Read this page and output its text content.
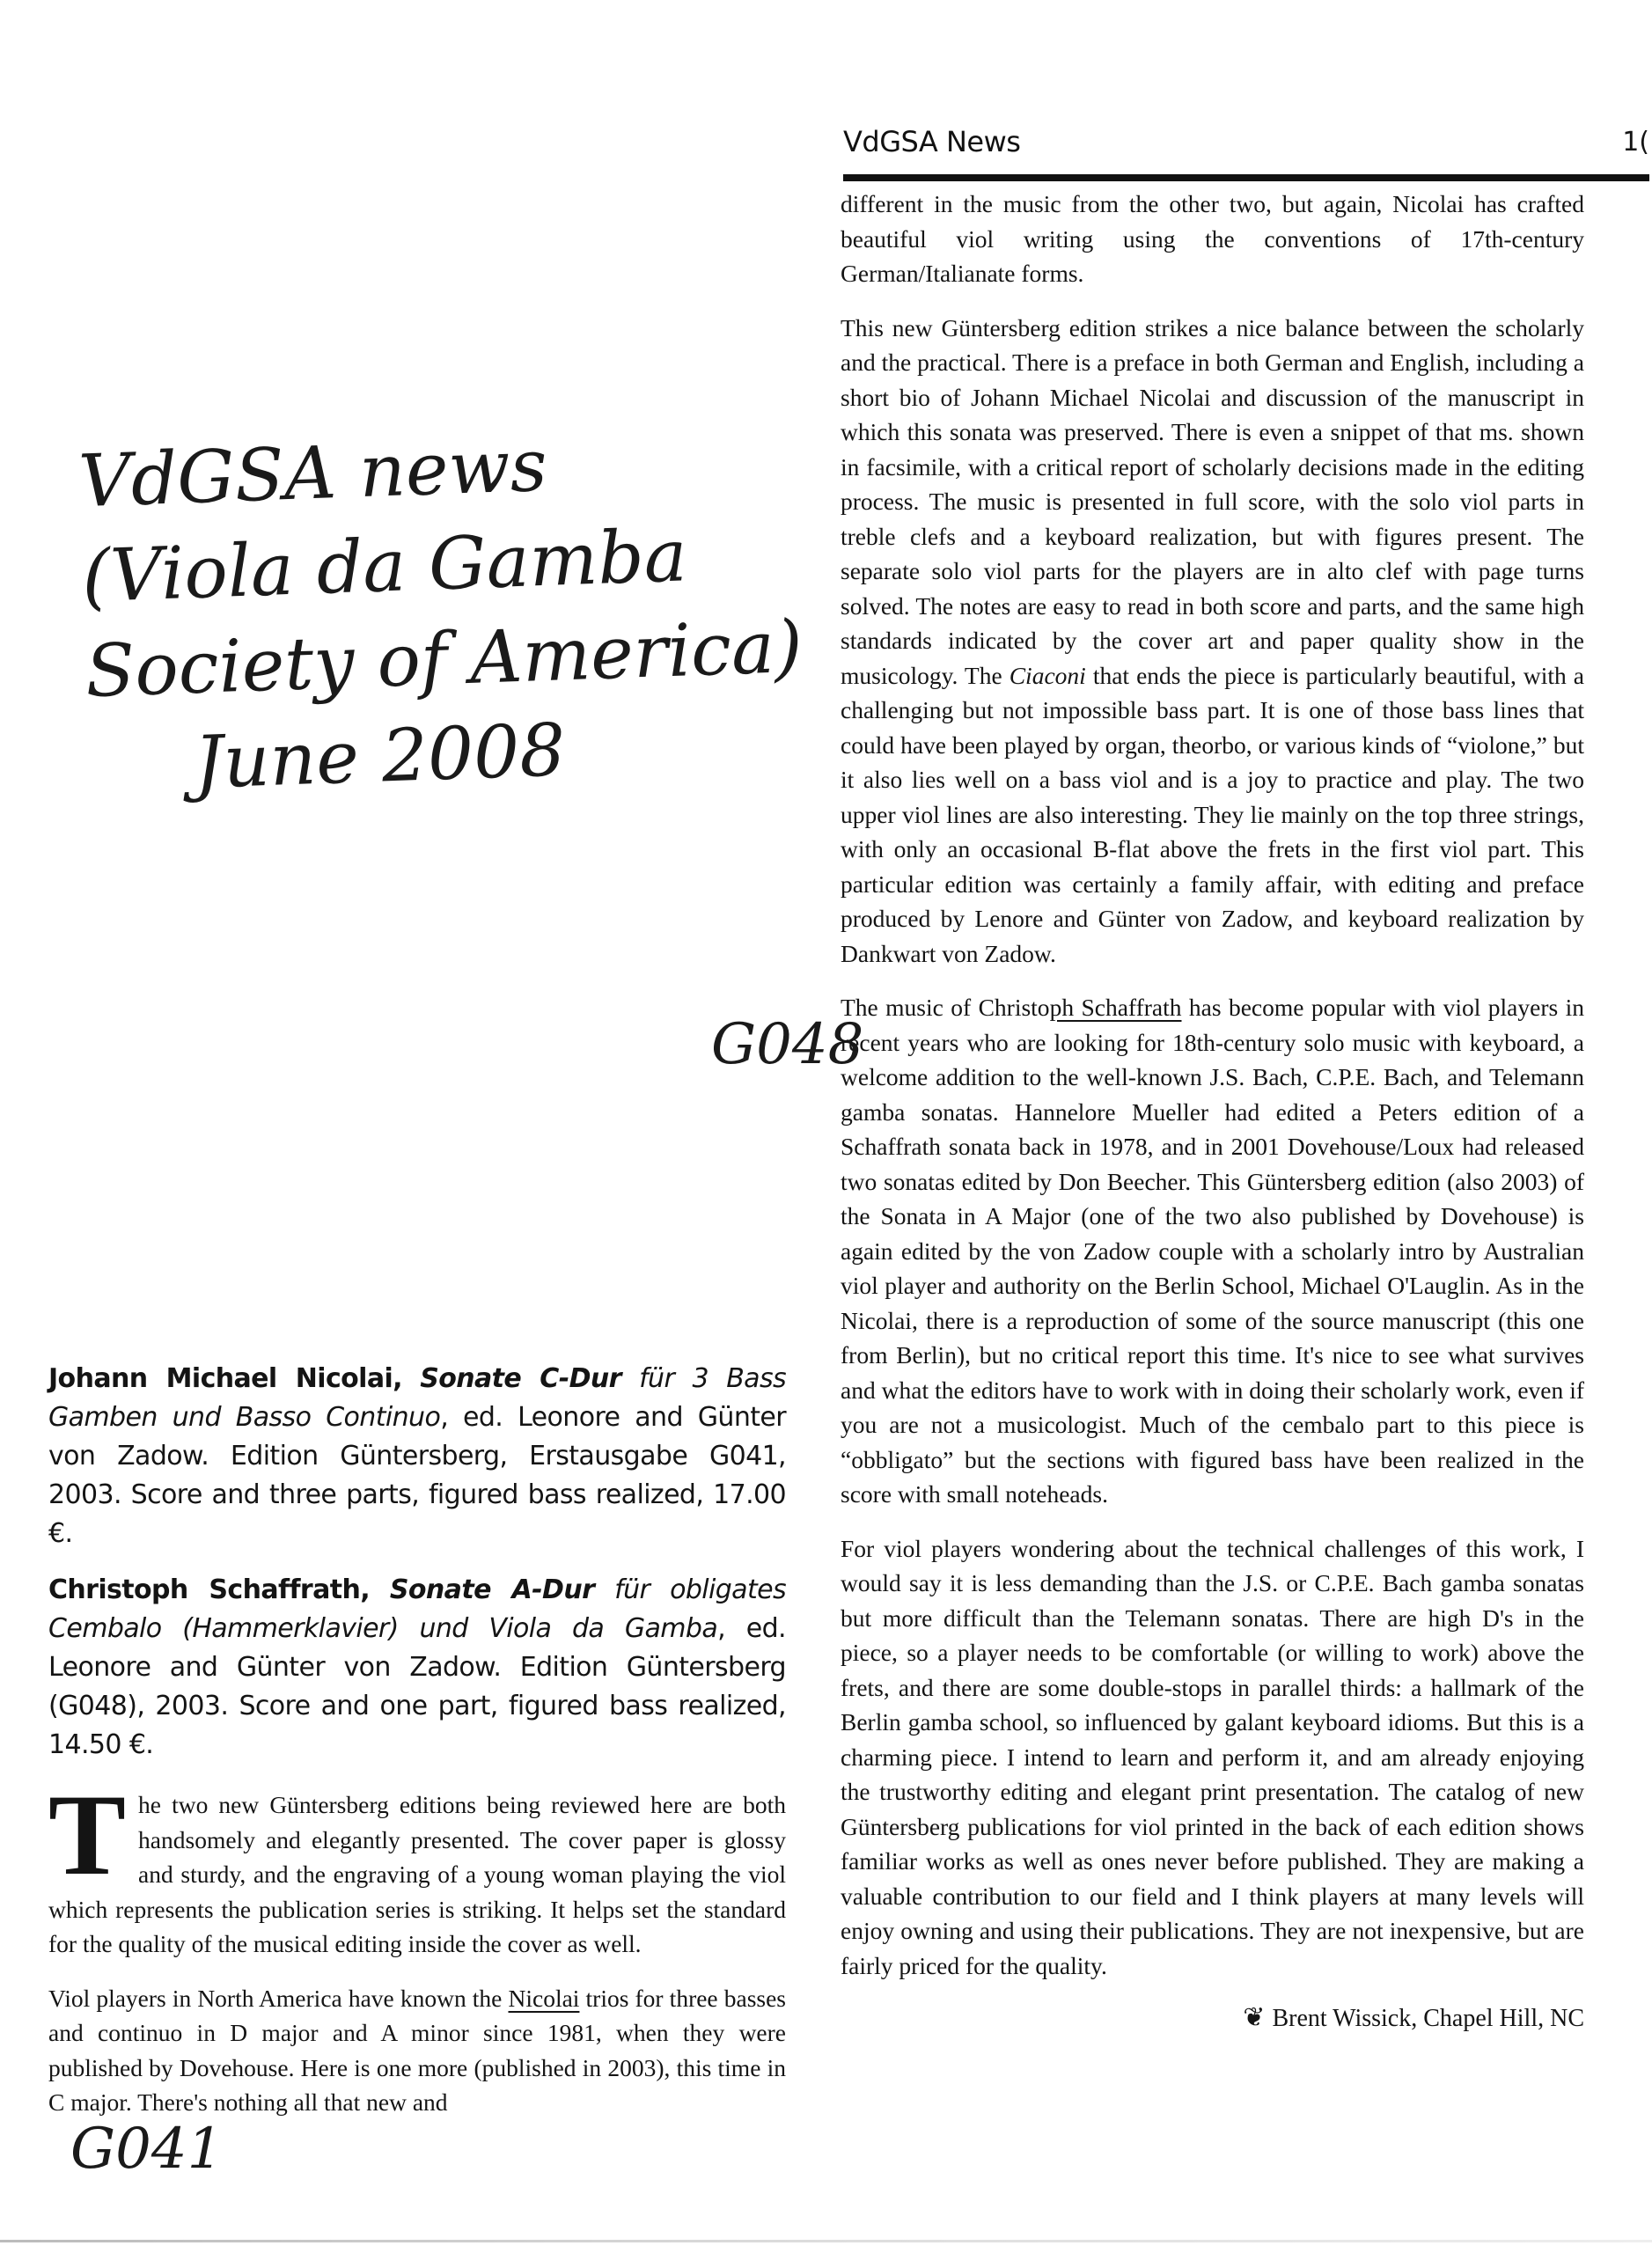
VdGSA News	1(
VdGSA news
(Viola da Gamba
Society of America)
June 2008
G048
G041

Johann Michael Nicolai, Sonate C-Dur für 3 Bass Gamben und Basso Continuo, ed. Leonore and Günter von Zadow. Edition Güntersberg, Erstausgabe G041, 2003. Score and three parts, figured bass realized, 17.00 €.

Christoph Schaffrath, Sonate A-Dur für obligates Cembalo (Hammerklavier) und Viola da Gamba, ed. Leonore and Günter von Zadow. Edition Güntersberg (G048), 2003. Score and one part, figured bass realized, 14.50 €.

The two new Güntersberg editions being reviewed here are both handsomely and elegantly presented. The cover paper is glossy and sturdy, and the engraving of a young woman playing the viol which represents the publication series is striking. It helps set the standard for the quality of the musical editing inside the cover as well.

Viol players in North America have known the Nicolai trios for three basses and continuo in D major and A minor since 1981, when they were published by Dovehouse. Here is one more (published in 2003), this time in C major. There's nothing all that new and

different in the music from the other two, but again, Nicolai has crafted beautiful viol writing using the conventions of 17th-century German/Italianate forms.

This new Güntersberg edition strikes a nice balance between the scholarly and the practical. There is a preface in both German and English, including a short bio of Johann Michael Nicolai and discussion of the manuscript in which this sonata was preserved. There is even a snippet of that ms. shown in facsimile, with a critical report of scholarly decisions made in the editing process. The music is presented in full score, with the solo viol parts in treble clefs and a keyboard realization, but with figures present. The separate solo viol parts for the players are in alto clef with page turns solved. The notes are easy to read in both score and parts, and the same high standards indicated by the cover art and paper quality show in the musicology. The Ciaconi that ends the piece is particularly beautiful, with a challenging but not impossible bass part. It is one of those bass lines that could have been played by organ, theorbo, or various kinds of “violone,” but it also lies well on a bass viol and is a joy to practice and play. The two upper viol lines are also interesting. They lie mainly on the top three strings, with only an occasional B-flat above the frets in the first viol part. This particular edition was certainly a family affair, with editing and preface produced by Lenore and Günter von Zadow, and keyboard realization by Dankwart von Zadow.

The music of Christoph Schaffrath has become popular with viol players in recent years who are looking for 18th-century solo music with keyboard, a welcome addition to the well-known J.S. Bach, C.P.E. Bach, and Telemann gamba sonatas. Hannelore Mueller had edited a Peters edition of a Schaffrath sonata back in 1978, and in 2001 Dovehouse/Loux had released two sonatas edited by Don Beecher. This Güntersberg edition (also 2003) of the Sonata in A Major (one of the two also published by Dovehouse) is again edited by the von Zadow couple with a scholarly intro by Australian viol player and authority on the Berlin School, Michael O'Lauglin. As in the Nicolai, there is a reproduction of some of the source manuscript (this one from Berlin), but no critical report this time. It's nice to see what survives and what the editors have to work with in doing their scholarly work, even if you are not a musicologist. Much of the cembalo part to this piece is “obbligato” but the sections with figured bass have been realized in the score with small noteheads.

For viol players wondering about the technical challenges of this work, I would say it is less demanding than the J.S. or C.P.E. Bach gamba sonatas but more difficult than the Telemann sonatas. There are high D's in the piece, so a player needs to be comfortable (or willing to work) above the frets, and there are some double-stops in parallel thirds: a hallmark of the Berlin gamba school, so influenced by galant keyboard idioms. But this is a charming piece. I intend to learn and perform it, and am already enjoying the trustworthy editing and elegant print presentation. The catalog of new Güntersberg publications for viol printed in the back of each edition shows familiar works as well as ones never before published. They are making a valuable contribution to our field and I think players at many levels will enjoy owning and using their publications. They are not inexpensive, but are fairly priced for the quality.

❦ Brent Wissick, Chapel Hill, NC
